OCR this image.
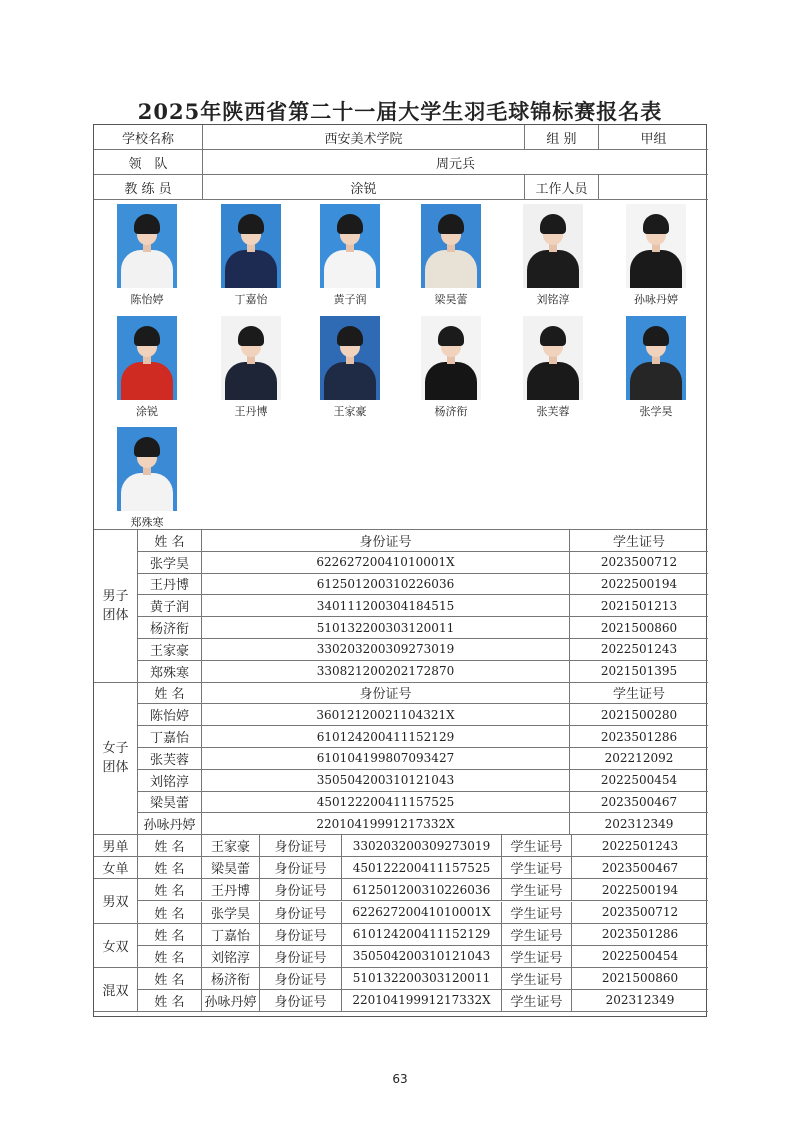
2025年陕西省第二十一届大学生羽毛球锦标赛报名表
学校名称	西安美术学院	组 别	甲组
领　队	周元兵
教 练 员	涂锐	工作人员
陈怡婷	丁嘉怡	黄子润	梁昊蕾	刘铭淳	孙咏丹婷
涂锐	王丹博	王家豪	杨济衔	张芙蓉	张学昊
郑殊寒
男子 团体
姓 名	身份证号	学生证号
张学昊	62262720041010001X	2023500712
王丹博	612501200310226036	2022500194
黄子润	340111200304184515	2021501213
杨济衔	510132200303120011	2021500860
王家豪	330203200309273019	2022501243
郑殊寒	330821200202172870	2021501395
女子 团体
姓 名	身份证号	学生证号
陈怡婷	36012120021104321X	2021500280
丁嘉怡	610124200411152129	2023501286
张芙蓉	610104199807093427	202212092
刘铭淳	350504200310121043	2022500454
梁昊蕾	450122200411157525	2023500467
孙咏丹婷	22010419991217332X	202312349
男单	姓 名	王家豪	身份证号	330203200309273019	学生证号	2022501243
女单	姓 名	梁昊蕾	身份证号	450122200411157525	学生证号	2023500467
男双
姓 名	王丹博	身份证号	612501200310226036	学生证号	2022500194
姓 名	张学昊	身份证号	62262720041010001X	学生证号	2023500712
女双
姓 名	丁嘉怡	身份证号	610124200411152129	学生证号	2023501286
姓 名	刘铭淳	身份证号	350504200310121043	学生证号	2022500454
混双
姓 名	杨济衔	身份证号	510132200303120011	学生证号	2021500860
姓 名	孙咏丹婷	身份证号	22010419991217332X	学生证号	202312349
63
